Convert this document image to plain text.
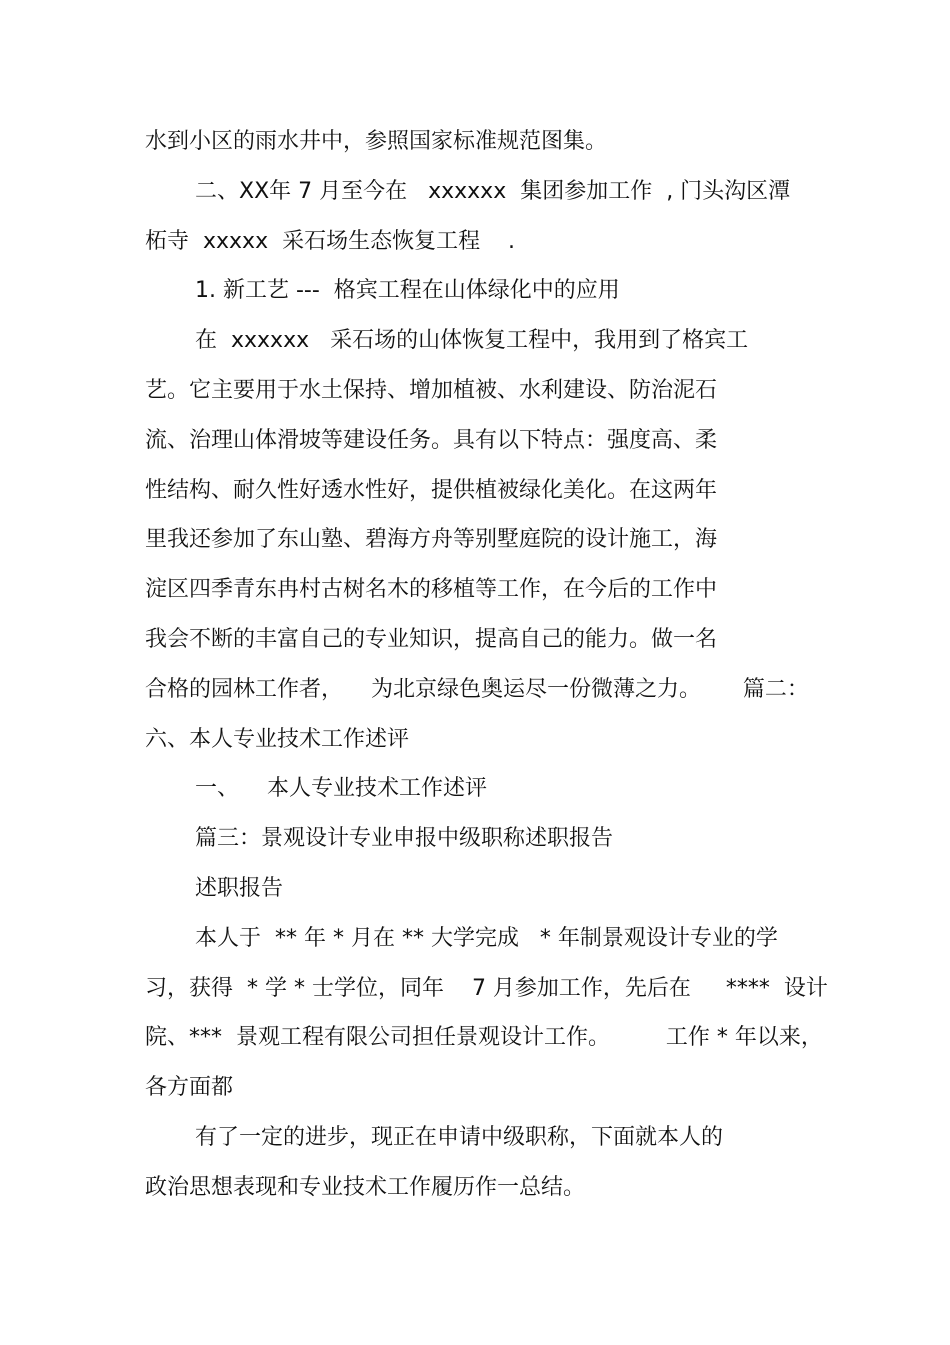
水到小区的雨水井中，参照国家标准规范图集。

二、XX年 7 月至今在   xxxxxx  集团参加工作  , 门头沟区潭

柘寺  xxxxx  采石场生态恢复工程    .

1. 新工艺 ---  格宾工程在山体绿化中的应用

在  xxxxxx   采石场的山体恢复工程中，我用到了格宾工

艺。它主要用于水土保持、增加植被、水利建设、防治泥石

流、治理山体滑坡等建设任务。具有以下特点：强度高、柔

性结构、耐久性好透水性好，提供植被绿化美化。在这两年

里我还参加了东山塾、碧海方舟等别墅庭院的设计施工，海

淀区四季青东冉村古树名木的移植等工作，在今后的工作中

我会不断的丰富自己的专业知识，提高自己的能力。做一名

合格的园林工作者，    为北京绿色奥运尽一份微薄之力。      篇二：

六、本人专业技术工作述评

一、    本人专业技术工作述评

篇三：景观设计专业申报中级职称述职报告

述职报告

本人于  ** 年 * 月在 ** 大学完成   * 年制景观设计专业的学

习，获得  * 学 * 士学位，同年    7 月参加工作，先后在     ****  设计

院、***  景观工程有限公司担任景观设计工作。        工作 * 年以来，

各方面都

有了一定的进步，现正在申请中级职称，下面就本人的

政治思想表现和专业技术工作履历作一总结。
